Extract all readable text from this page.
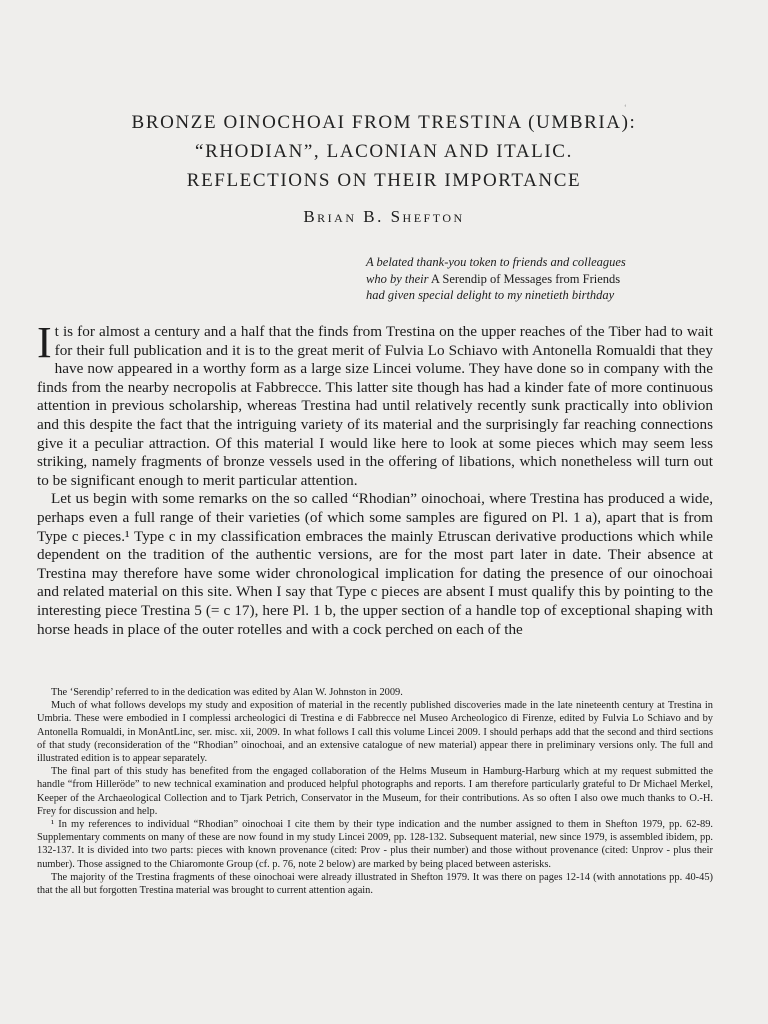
ʻ
BRONZE OINOCHOAI FROM TRESTINA (UMBRIA):
“RHODIAN”, LACONIAN AND ITALIC.
REFLECTIONS ON THEIR IMPORTANCE
Brian B. Shefton
A belated thank-you token to friends and colleagues
who by their A Serendip of Messages from Friends
had given special delight to my ninetieth birthday

It is for almost a century and a half that the finds from Trestina on the upper reaches of the Tiber had to wait for their full publication and it is to the great merit of Fulvia Lo Schiavo with Antonella Romualdi that they have now appeared in a worthy form as a large size Lincei volume. They have done so in company with the finds from the nearby necropolis at Fabbrecce. This latter site though has had a kinder fate of more continuous attention in previous scholarship, whereas Trestina had until relatively recently sunk practically into oblivion and this despite the fact that the intriguing variety of its material and the surprisingly far reaching connections give it a peculiar attraction. Of this material I would like here to look at some pieces which may seem less striking, namely fragments of bronze vessels used in the offering of libations, which nonetheless will turn out to be significant enough to merit particular attention.

Let us begin with some remarks on the so called “Rhodian” oinochoai, where Trestina has produced a wide, perhaps even a full range of their varieties (of which some samples are figured on Pl. 1 a), apart that is from Type c pieces.¹ Type c in my classification embraces the mainly Etruscan derivative productions which while dependent on the tradition of the authentic versions, are for the most part later in date. Their absence at Trestina may therefore have some wider chronological implication for dating the presence of our oinochoai and related material on this site. When I say that Type c pieces are absent I must qualify this by pointing to the interesting piece Trestina 5 (= c 17), here Pl. 1 b, the upper section of a handle top of exceptional shaping with horse heads in place of the outer rotelles and with a cock perched on each of the

The ‘Serendip’ referred to in the dedication was edited by Alan W. Johnston in 2009.

Much of what follows develops my study and exposition of material in the recently published discoveries made in the late nineteenth century at Trestina in Umbria. These were embodied in I complessi archeologici di Trestina e di Fabbrecce nel Museo Archeologico di Firenze, edited by Fulvia Lo Schiavo and by Antonella Romualdi, in MonAntLinc, ser. misc. xii, 2009. In what follows I call this volume Lincei 2009. I should perhaps add that the second and third sections of that study (reconsideration of the “Rhodian” oinochoai, and an extensive catalogue of new material) appear there in preliminary versions only. The full and illustrated edition is to appear separately.

The final part of this study has benefited from the engaged collaboration of the Helms Museum in Hamburg-Harburg which at my request submitted the handle “from Hilleröde” to new technical examination and produced helpful photographs and reports. I am therefore particularly grateful to Dr Michael Merkel, Keeper of the Archaeological Collection and to Tjark Petrich, Conservator in the Museum, for their contributions. As so often I also owe much thanks to O.-H. Frey for discussion and help.

¹ In my references to individual “Rhodian” oinochoai I cite them by their type indication and the number assigned to them in Shefton 1979, pp. 62-89. Supplementary comments on many of these are now found in my study Lincei 2009, pp. 128-132. Subsequent material, new since 1979, is assembled ibidem, pp. 132-137. It is divided into two parts: pieces with known provenance (cited: Prov - plus their number) and those without provenance (cited: Unprov - plus their number). Those assigned to the Chiaromonte Group (cf. p. 76, note 2 below) are marked by being placed between asterisks.

The majority of the Trestina fragments of these oinochoai were already illustrated in Shefton 1979. It was there on pages 12-14 (with annotations pp. 40-45) that the all but forgotten Trestina material was brought to current attention again.
